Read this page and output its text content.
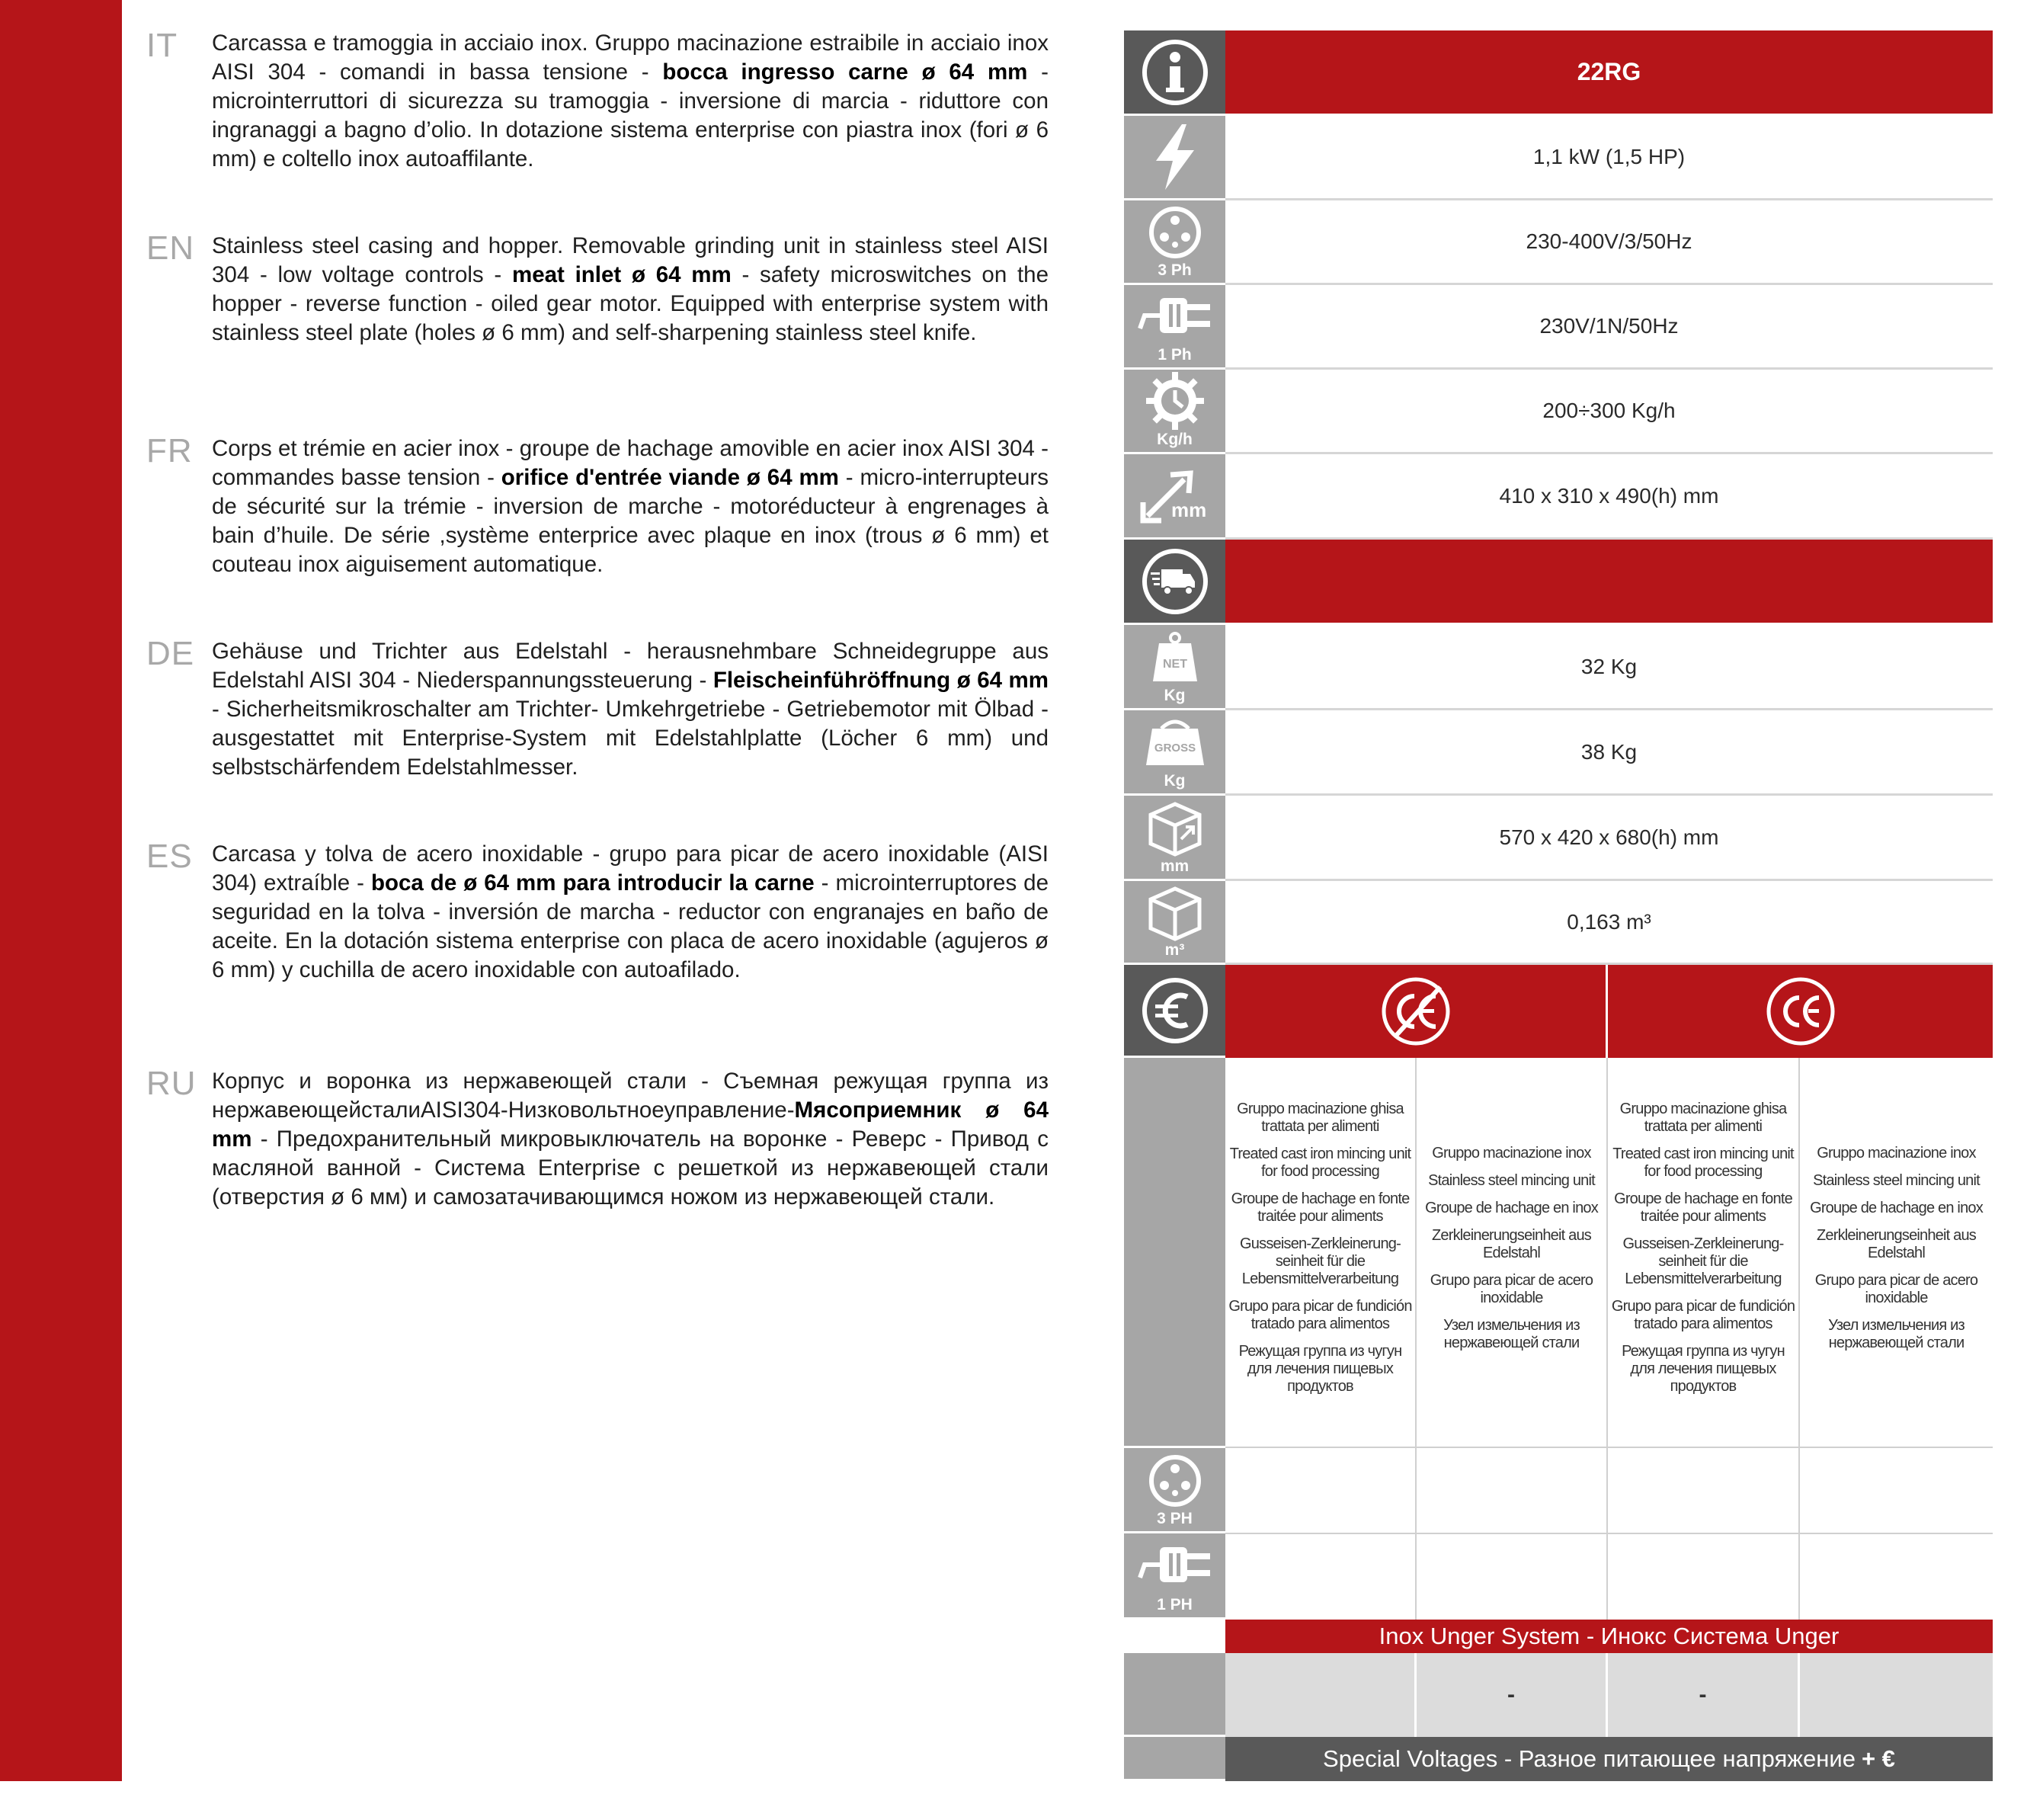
IT	Carcassa e tramoggia in acciaio inox. Gruppo macinazione estraibile in acciaio inox AISI 304 - comandi in bassa tensione - bocca ingresso carne ø 64 mm - microinterruttori di sicurezza su tramoggia - inversione di marcia - riduttore con ingranaggi a bagno d’olio. In dotazione sistema enterprise con piastra inox (fori ø 6 mm) e coltello inox autoaffilante.
EN Stainless steel casing and hopper. Removable grinding unit in stainless steel AISI 304 - low voltage controls - meat inlet ø 64 mm - safety microswitches on the hopper - reverse function - oiled gear motor. Equipped with enterprise system with stainless steel plate (holes ø 6 mm) and self-sharpening stainless steel knife.
FR Corps et trémie en acier inox - groupe de hachage amovible en acier inox AISI 304 - commandes basse tension - orifice d'entrée viande ø 64 mm - micro-interrupteurs de sécurité sur la trémie - inversion de marche - motoréducteur à engrenages à bain d’huile. De série ,système enterprice avec plaque en inox (trous ø 6 mm) et couteau inox aiguisement automatique.
DE Gehäuse und Trichter aus Edelstahl - herausnehmbare Schneidegruppe aus Edelstahl AISI 304 - Niederspannungssteuerung - Fleischeinführöffnung ø 64 mm - Sicherheitsmikroschalter am Trichter- Umkehrgetriebe - Getriebemotor mit Ölbad - ausgestattet mit Enterprise-System mit Edelstahlplatte (Löcher 6 mm) und selbstschärfendem Edelstahlmesser.
ES Carcasa y tolva de acero inoxidable - grupo para picar de acero inoxidable (AISI 304) extraíble - boca de ø 64 mm para introducir la carne - microinterruptores de seguridad en la tolva - inversión de marcha - reductor con engranajes en baño de aceite. En la dotación sistema enterprise con placa de acero inoxidable (agujeros ø 6 mm) y cuchilla de acero inoxidable con autoafilado.
RU Корпус и воронка из нержавеющей стали - Съемная режущая группа из нержавеющейсталиAISI304-Низковольтноеуправление-Мясоприемник ø 64 mm - Предохранительный микровыключатель на воронке - Реверс - Привод с масляной ванной - Система Enterprise с решеткой из нержавеющей стали (отверстия ø 6 мм) и самозатачивающимся ножом из нержавеющей стали.
3 Ph
1 Ph
Kg/h
mm
NET
Kg
GROSS
Kg
mm
m³
3 PH
1 PH
22RG
1,1 kW (1,5 HP)
230-400V/3/50Hz
230V/1N/50Hz
200÷300 Kg/h
410 x 310 x 490(h) mm
32 Kg
38 Kg
570 x 420 x 680(h) mm
0,163 m³

Gruppo macinazione ghisa trattata per alimenti

Treated cast iron mincing unit for food processing

Groupe de hachage en fonte traitée pour aliments

Gusseisen-Zerkleinerung-seinheit für die Lebensmittelverarbeitung

Grupo para picar de fundición tratado para alimentos

Режущая группа из чугун для лечения пищевых продуктов

Gruppo macinazione inox

Stainless steel mincing unit

Groupe de hachage en inox

Zerkleinerungseinheit aus Edelstahl

Grupo para picar de acero inoxidable

Узел измельчения из нержавеющей стали

Gruppo macinazione ghisa trattata per alimenti

Treated cast iron mincing unit for food processing

Groupe de hachage en fonte traitée pour aliments

Gusseisen-Zerkleinerung-seinheit für die Lebensmittelverarbeitung

Grupo para picar de fundición tratado para alimentos

Режущая группа из чугун для лечения пищевых продуктов

Gruppo macinazione inox

Stainless steel mincing unit

Groupe de hachage en inox

Zerkleinerungseinheit aus Edelstahl

Grupo para picar de acero inoxidable

Узел измельчения из нержавеющей стали

Inox Unger System - Инокс Система Unger
-	-
Special Voltages - Разное питающее напряжение + €
